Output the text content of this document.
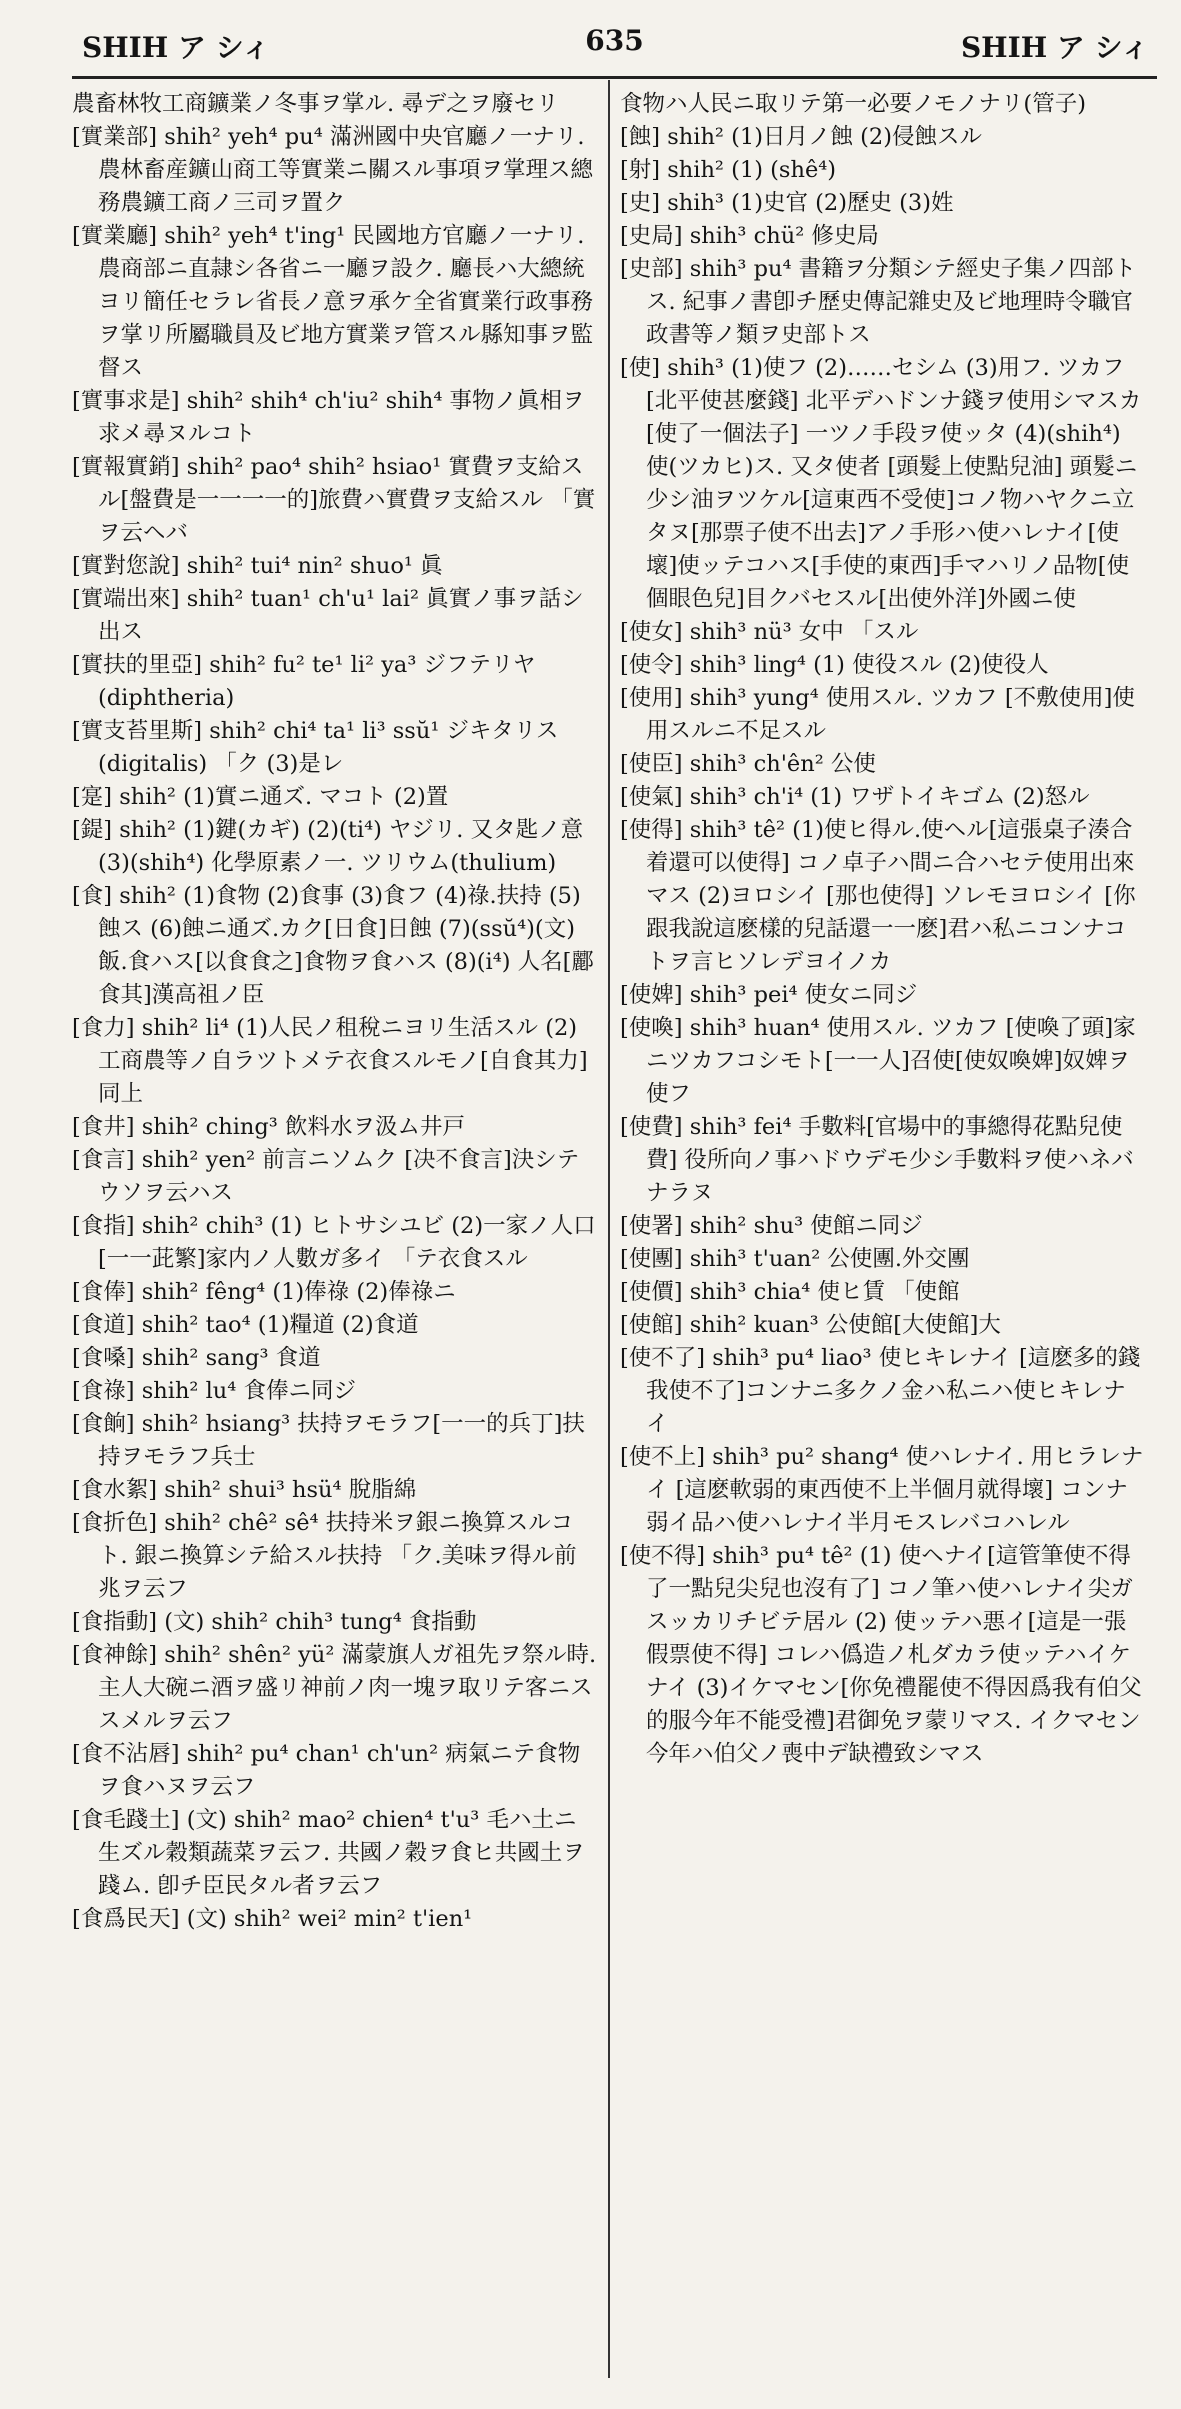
SHIH ア シィ	635	SHIH ア シィ

農畜林牧工商鑛業ノ冬事ヲ掌ル. 尋デ之ヲ廢セリ

[實業部] shih² yeh⁴ pu⁴ 滿洲國中央官廳ノ一ナリ. 農林畜産鑛山商工等實業ニ關スル事項ヲ掌理ス總務農鑛工商ノ三司ヲ置ク

[實業廳] shih² yeh⁴ t'ing¹ 民國地方官廳ノ一ナリ. 農商部ニ直隷シ各省ニ一廳ヲ設ク. 廳長ハ大總統ヨリ簡任セラレ省長ノ意ヲ承ケ全省實業行政事務ヲ掌リ所屬職員及ビ地方實業ヲ管スル縣知事ヲ監督ス

[實事求是] shih² shih⁴ ch'iu² shih⁴ 事物ノ眞相ヲ求メ尋ヌルコト

[實報實銷] shih² pao⁴ shih² hsiao¹ 實費ヲ支給スル[盤費是一一一一的]旅費ハ實費ヲ支給スル 「實ヲ云ヘバ

[實對您說] shih² tui⁴ nin² shuo¹ 眞

[實端出來] shih² tuan¹ ch'u¹ lai² 眞實ノ事ヲ話シ出ス

[實扶的里亞] shih² fu² te¹ li² ya³ ジフテリヤ (diphtheria)

[實支苔里斯] shih² chi⁴ ta¹ li³ ssŭ¹ ジキタリス (digitalis) 「ク (3)是レ

[寔] shih² (1)實ニ通ズ. マコト (2)置

[鍉] shih² (1)鍵(カギ) (2)(ti⁴) ヤジリ. 又タ匙ノ意 (3)(shih⁴) 化學原素ノ一. ツリウム(thulium)

[食] shih² (1)食物 (2)食事 (3)食フ (4)祿.扶持 (5)蝕ス (6)蝕ニ通ズ.カク[日食]日蝕 (7)(ssŭ⁴)(文)飯.食ハス[以食食之]食物ヲ食ハス (8)(i⁴) 人名[酈食其]漢高祖ノ臣

[食力] shih² li⁴ (1)人民ノ租稅ニヨリ生活スル (2)工商農等ノ自ラツトメテ衣食スルモノ[自食其力]同上

[食井] shih² ching³ 飲料水ヲ汲ム井戸

[食言] shih² yen² 前言ニソムク [决不食言]決シテウソヲ云ハス

[食指] shih² chih³ (1) ヒトサシユビ (2)一家ノ人口[一一茈繁]家内ノ人數ガ多イ 「テ衣食スル

[食俸] shih² fêng⁴ (1)俸祿 (2)俸祿ニ

[食道] shih² tao⁴ (1)糧道 (2)食道

[食嗓] shih² sang³ 食道

[食祿] shih² lu⁴ 食俸ニ同ジ

[食餉] shih² hsiang³ 扶持ヲモラフ[一一的兵丁]扶持ヲモラフ兵士

[食水絮] shih² shui³ hsü⁴ 脫脂綿

[食折色] shih² chê² sê⁴ 扶持米ヲ銀ニ換算スルコト. 銀ニ換算シテ給スル扶持 「ク.美味ヲ得ル前兆ヲ云フ

[食指動] (文) shih² chih³ tung⁴ 食指動

[食神餘] shih² shên² yü² 滿蒙旗人ガ祖先ヲ祭ル時. 主人大碗ニ酒ヲ盛リ神前ノ肉一塊ヲ取リテ客ニススメルヲ云フ

[食不沾唇] shih² pu⁴ chan¹ ch'un² 病氣ニテ食物ヲ食ハヌヲ云フ

[食毛踐土] (文) shih² mao² chien⁴ t'u³ 毛ハ土ニ生ズル穀類蔬菜ヲ云フ. 共國ノ穀ヲ食ヒ共國土ヲ踐ム. 卽チ臣民タル者ヲ云フ

[食爲民天] (文) shih² wei² min² t'ien¹

食物ハ人民ニ取リテ第一必要ノモノナリ(管子)

[蝕] shih² (1)日月ノ蝕 (2)侵蝕スル

[射] shih² (1) (shê⁴)

[史] shih³ (1)史官 (2)歷史 (3)姓

[史局] shih³ chü² 修史局

[史部] shih³ pu⁴ 書籍ヲ分類シテ經史子集ノ四部トス. 紀事ノ書卽チ歷史傳記雜史及ビ地理時令職官政書等ノ類ヲ史部トス

[使] shih³ (1)使フ (2)……セシム (3)用フ. ツカフ [北平使甚麼錢] 北平デハドンナ錢ヲ使用シマスカ [使了一個法子] 一ツノ手段ヲ使ッタ (4)(shih⁴) 使(ツカヒ)ス. 又タ使者 [頭髮上使點兒油] 頭髮ニ少シ油ヲツケル[這東西不受使]コノ物ハヤクニ立タヌ[那票子使不出去]アノ手形ハ使ハレナイ[使壞]使ッテコハス[手使的東西]手マハリノ品物[使個眼色兒]目クバセスル[出使外洋]外國ニ使

[使女] shih³ nü³ 女中 「スル

[使令] shih³ ling⁴ (1) 使役スル (2)使役人

[使用] shih³ yung⁴ 使用スル. ツカフ [不敷使用]使用スルニ不足スル

[使臣] shih³ ch'ên² 公使

[使氣] shih³ ch'i⁴ (1) ワザトイキゴム (2)怒ル

[使得] shih³ tê² (1)使ヒ得ル.使ヘル[這張桌子湊合着還可以使得] コノ卓子ハ間ニ合ハセテ使用出來マス (2)ヨロシイ [那也使得] ソレモヨロシイ [你跟我說這麽樣的兒話還一一麽]君ハ私ニコンナコトヲ言ヒソレデヨイノカ

[使婢] shih³ pei⁴ 使女ニ同ジ

[使喚] shih³ huan⁴ 使用スル. ツカフ [使喚了頭]家ニツカフコシモト[一一人]召使[使奴喚婢]奴婢ヲ使フ

[使費] shih³ fei⁴ 手數料[官場中的事總得花點兒使費] 役所向ノ事ハドウデモ少シ手數料ヲ使ハネバナラヌ

[使署] shih² shu³ 使館ニ同ジ

[使團] shih³ t'uan² 公使團.外交團

[使價] shih³ chia⁴ 使ヒ賃 「使館

[使館] shih² kuan³ 公使館[大使館]大

[使不了] shih³ pu⁴ liao³ 使ヒキレナイ [這麽多的錢我使不了]コンナニ多クノ金ハ私ニハ使ヒキレナイ

[使不上] shih³ pu² shang⁴ 使ハレナイ. 用ヒラレナイ [這麽軟弱的東西使不上半個月就得壞] コンナ弱イ品ハ使ハレナイ半月モスレバコハレル

[使不得] shih³ pu⁴ tê² (1) 使ヘナイ[這管筆使不得了一點兒尖兒也沒有了] コノ筆ハ使ハレナイ尖ガスッカリチビテ居ル (2) 使ッテハ悪イ[這是一張假票使不得] コレハ僞造ノ札ダカラ使ッテハイケナイ (3)イケマセン[你免禮罷使不得因爲我有伯父的服今年不能受禮]君御免ヲ蒙リマス. イクマセン今年ハ伯父ノ喪中デ缺禮致シマス
